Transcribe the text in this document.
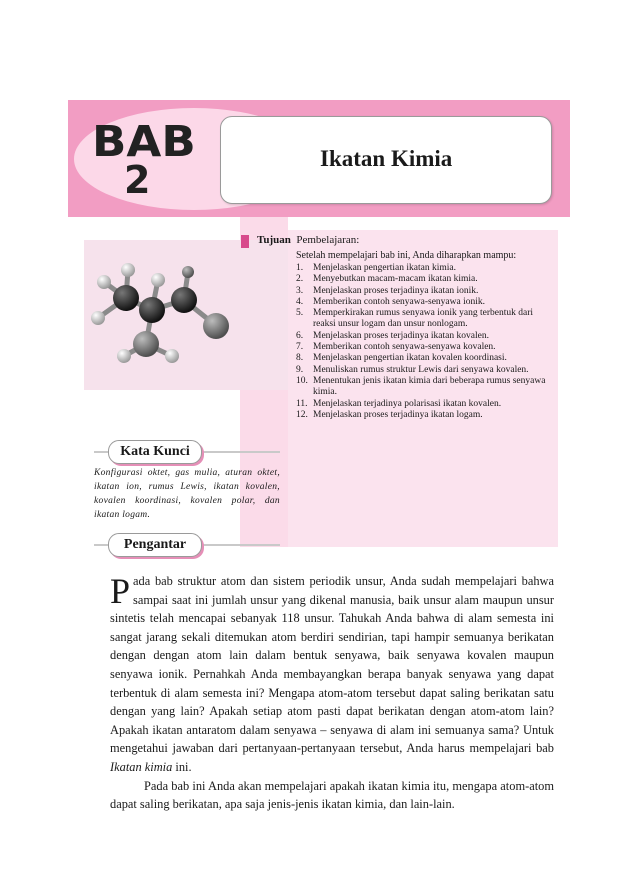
BAB
2	Ikatan Kimia
Tujuan Pembelajaran:
Setelah mempelajari bab ini, Anda diharapkan mampu:
1.	Menjelaskan pengertian ikatan kimia.
2.	Menyebutkan macam-macam ikatan kimia.
3.	Menjelaskan proses terjadinya ikatan ionik.
4.	Memberikan contoh senyawa-senyawa ionik.
5.	Memperkirakan rumus senyawa ionik yang terbentuk dari reaksi unsur logam dan unsur nonlogam.
6.	Menjelaskan proses terjadinya ikatan kovalen.
7.	Memberikan contoh senyawa-senyawa kovalen.
8.	Menjelaskan pengertian ikatan kovalen koordinasi.
9.	Menuliskan rumus struktur Lewis dari senyawa kovalen.
10. Menentukan jenis ikatan kimia dari beberapa rumus senyawa kimia.
11. Menjelaskan terjadinya polarisasi ikatan kovalen.
12. Menjelaskan proses terjadinya ikatan logam.
Kata Kunci
Konfigurasi oktet, gas mulia, aturan oktet, ikatan ion, rumus Lewis, ikatan kovalen, kovalen koordinasi, kovalen polar, dan ikatan logam.
Pengantar

Pada bab struktur atom dan sistem periodik unsur, Anda sudah mempelajari bahwa sampai saat ini jumlah unsur yang dikenal manusia, baik unsur alam maupun unsur sintetis telah mencapai sebanyak 118 unsur. Tahukah Anda bahwa di alam semesta ini sangat jarang sekali ditemukan atom berdiri sendirian, tapi hampir semuanya berikatan dengan dengan atom lain dalam bentuk senyawa, baik senyawa kovalen maupun senyawa ionik. Pernahkah Anda membayangkan berapa banyak senyawa yang dapat terbentuk di alam semesta ini? Mengapa atom-atom tersebut dapat saling berikatan satu dengan yang lain? Apakah setiap atom pasti dapat berikatan dengan atom-atom lain? Apakah ikatan antaratom dalam senyawa – senyawa di alam ini semuanya sama? Untuk mengetahui jawaban dari pertanyaan-pertanyaan tersebut, Anda harus mempelajari bab Ikatan kimia ini.

Pada bab ini Anda akan mempelajari apakah ikatan kimia itu, mengapa atom-atom dapat saling berikatan, apa saja jenis-jenis ikatan kimia, dan lain-lain.
